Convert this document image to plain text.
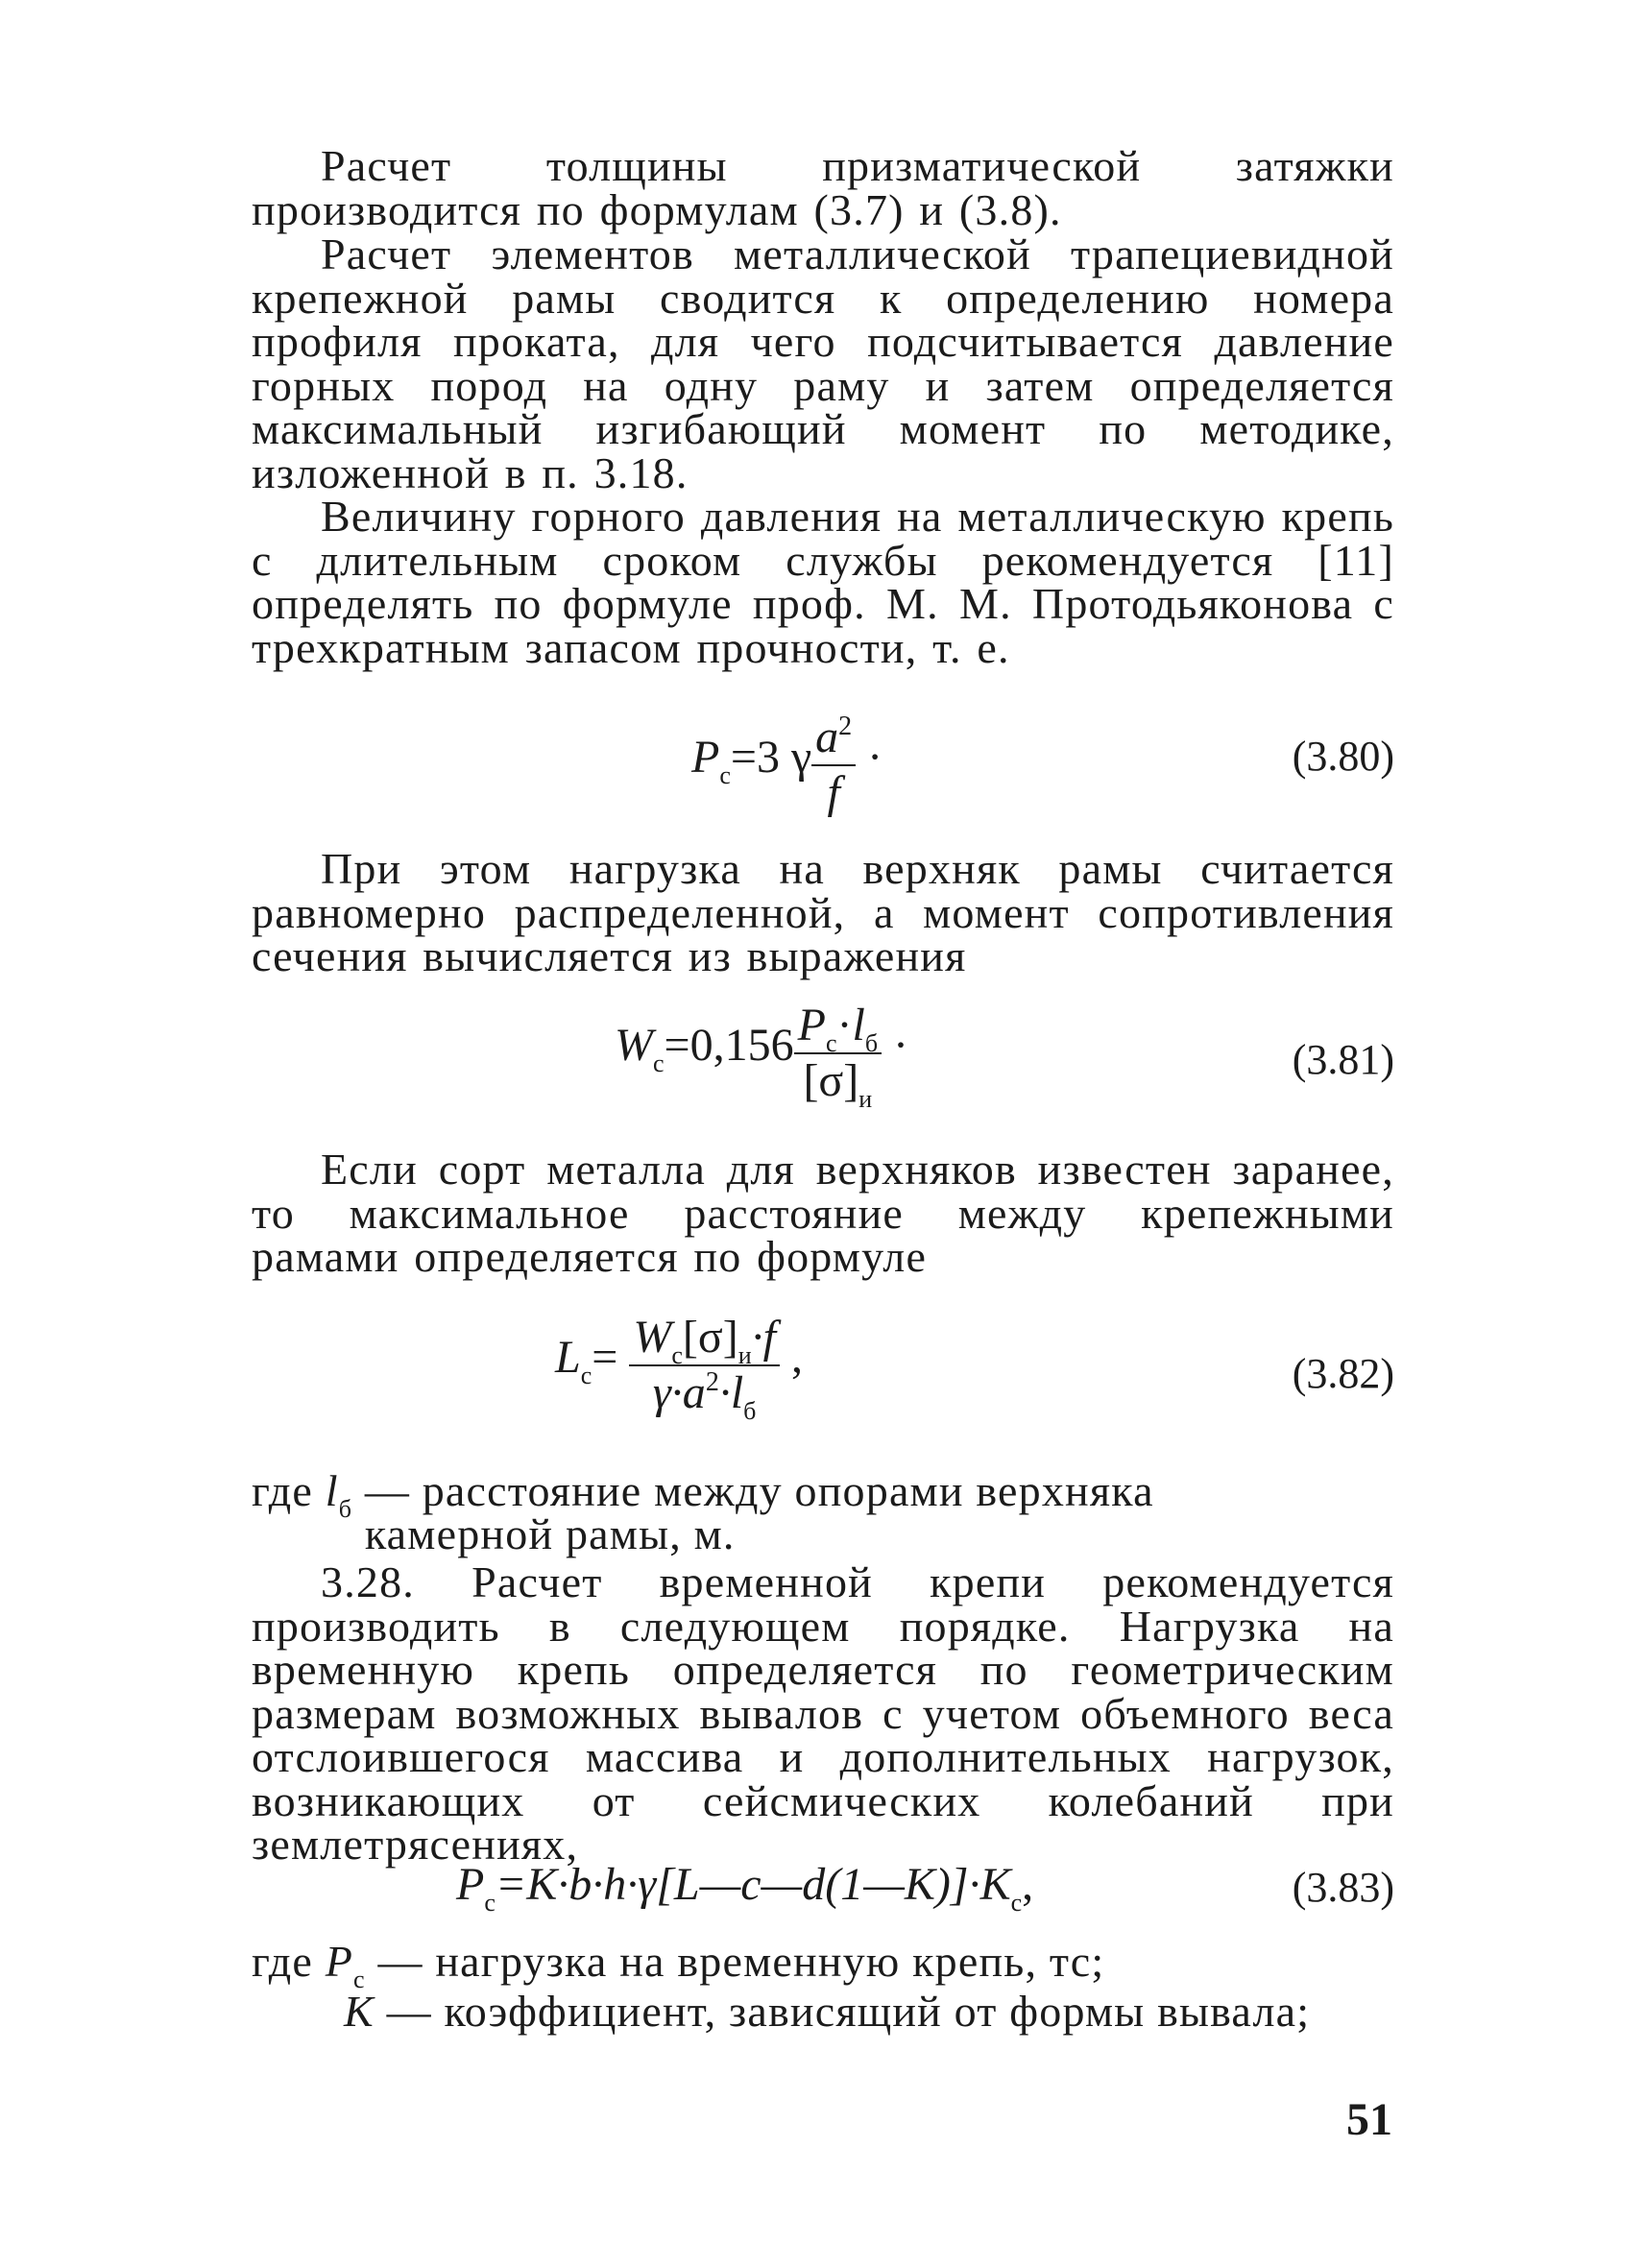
Расчет толщины призматической затяжки производится по формулам (3.7) и (3.8).

Расчет элементов металлической трапециевидной крепежной рамы сводится к определению номера профиля проката, для чего подсчитывается давление горных пород на одну раму и затем определяется максимальный изгибающий момент по методике, изложенной в п. 3.18.

Величину горного давления на металлическую крепь с длительным сроком службы рекомендуется [11] определять по формуле проф. М. М. Протодьяконова с трехкратным запасом прочности, т. е.

$P_c=3$ γ $\frac{a^2}{f}$ ·	(3.80)

При этом нагрузка на верхняк рамы считается равномерно распределенной, а момент сопротивления сечения вычисляется из выражения

$W_c=0,156 \frac{P_c\cdot l_б}{[\sigma]_и}$ ·	(3.81)

Если сорт металла для верхняков известен заранее, то максимальное расстояние между крепежными рамами определяется по формуле

$L_c= \frac{W_c[\sigma]_и\cdot f}{\gamma\cdot a^2\cdot l_б}$ ,	(3.82)
где $l_б$ — расстояние между опорами верхняка камерной рамы, м.

3.28. Расчет временной крепи рекомендуется производить в следующем порядке. Нагрузка на временную крепь определяется по геометрическим размерам возможных вывалов с учетом объемного веса отслоившегося массива и дополнительных нагрузок, возникающих от сейсмических колебаний при землетрясениях,

$P_c=K\cdot b\cdot h\cdot\gamma[L—c—d(1—K)]\cdot K_c$,	(3.83)
где $P_c$ — нагрузка на временную крепь, тс;
K — коэффициент, зависящий от формы вывала;
51
